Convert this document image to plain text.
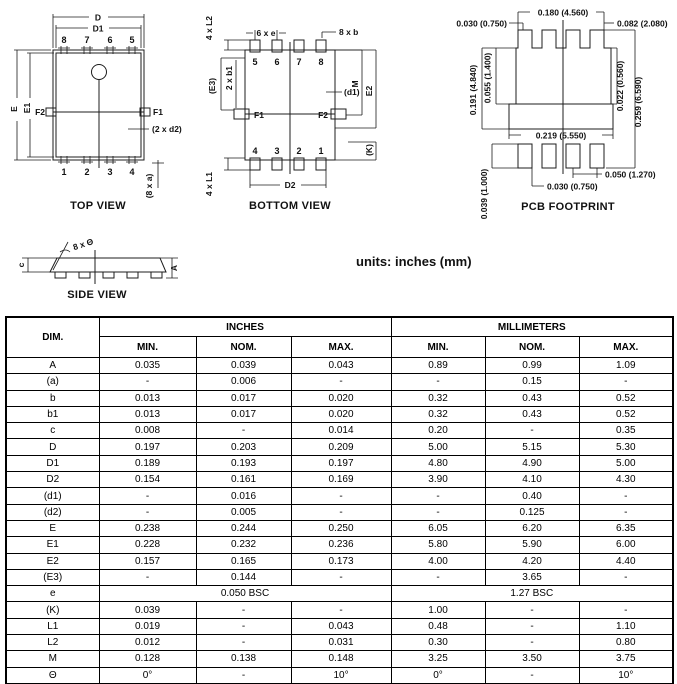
8 7 6 5
1 2 3 4
D
D1
E E1 F2	F1
(2 x d2)
(8 x a)
TOP VIEW
5 6 7 8
4 3 2 1
4 x L2	6 x e	8 x b
2 x b1
(E3)
F1	F2
(d1)
M
E2
(K)
D2
4 x L1
BOTTOM VIEW
0.180 (4.560)
0.030 (0.750)	0.082 (2.080)
0.191 (4.840) 0.055 (1.400)	0.022 (0.560) 0.259 (6.590)
0.219 (5.550)
0.039 (1.000)	0.030 (0.750)
0.050 (1.270)
PCB FOOTPRINT
c	A
8 x Θ
SIDE VIEW
units: inches (mm)
DIM.	INCHES			MILLIMETERS		
	MIN.	NOM.	MAX.	MIN.	NOM.	MAX.
A	0.035	0.039	0.043	0.89	0.99	1.09
(a)	-	0.006	-	-	0.15	-
b	0.013	0.017	0.020	0.32	0.43	0.52
b1	0.013	0.017	0.020	0.32	0.43	0.52
c	0.008	-	0.014	0.20	-	0.35
D	0.197	0.203	0.209	5.00	5.15	5.30
D1	0.189	0.193	0.197	4.80	4.90	5.00
D2	0.154	0.161	0.169	3.90	4.10	4.30
(d1)	-	0.016	-	-	0.40	-
(d2)	-	0.005	-	-	0.125	-
E	0.238	0.244	0.250	6.05	6.20	6.35
E1	0.228	0.232	0.236	5.80	5.90	6.00
E2	0.157	0.165	0.173	4.00	4.20	4.40
(E3)	-	0.144	-	-	3.65	-
e	0.050 BSC			1.27 BSC		
(K)	0.039	-	-	1.00	-	-
L1	0.019	-	0.043	0.48	-	1.10
L2	0.012	-	0.031	0.30	-	0.80
M	0.128	0.138	0.148	3.25	3.50	3.75
Θ	0°	-	10°	0°	-	10°
